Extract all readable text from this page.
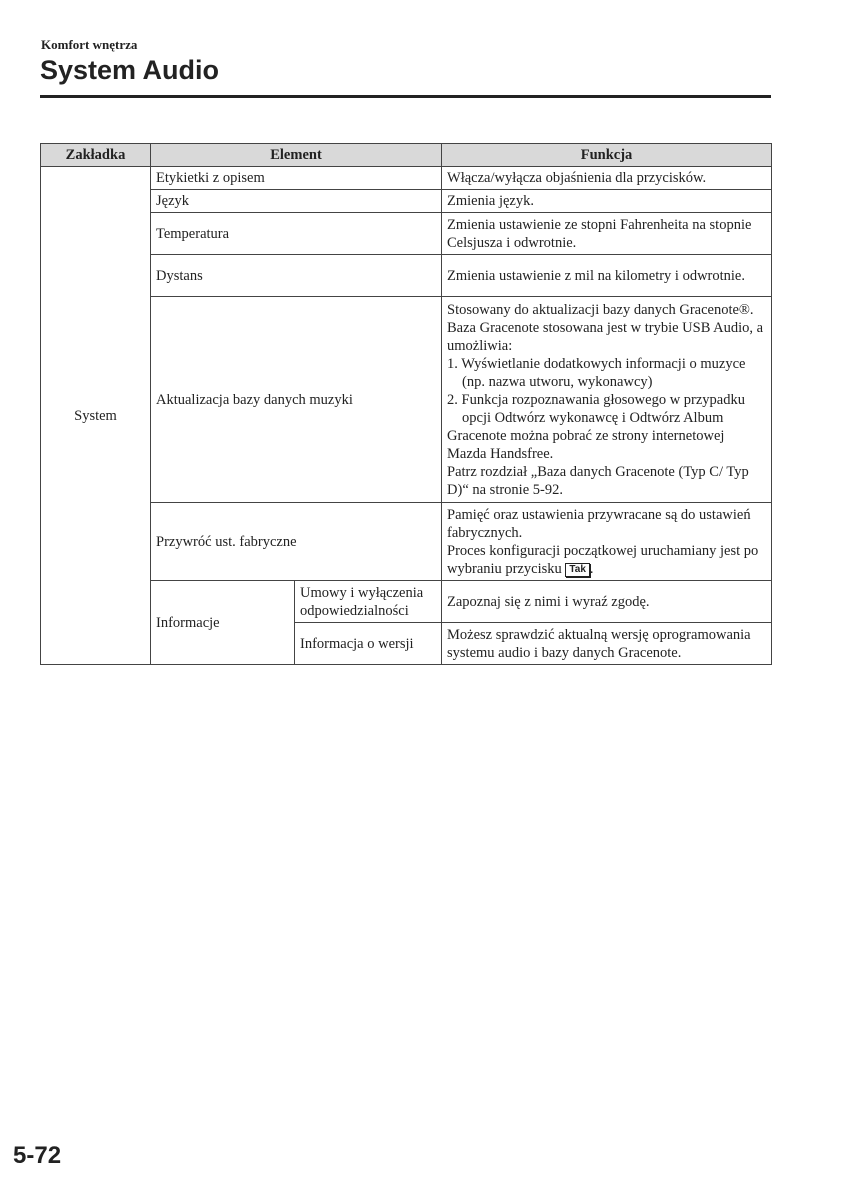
Komfort wnętrza
System Audio
Zakładka	Element		Funkcja
System	Etykietki z opisem		Włącza/wyłącza objaśnienia dla przycisków.
	Język		Zmienia język.
	Temperatura		Zmienia ustawienie ze stopni Fahrenheita na stopnie Celsjusza i odwrotnie.
	Dystans		Zmienia ustawienie z mil na kilometry i odwrotnie.
	Aktualizacja bazy danych muzyki		Stosowany do aktualizacji bazy danych Gracenote®. Baza Gracenote stosowana jest w trybie USB Audio, a umożliwia:
1. Wyświetlanie dodatkowych informacji o muzyce (np. nazwa utworu, wykonawcy)
2. Funkcja rozpoznawania głosowego w przypadku opcji Odtwórz wykonawcę i Odtwórz Album
Gracenote można pobrać ze strony internetowej Mazda Handsfree.
Patrz rozdział „Baza danych Gracenote (Typ C/ Typ D)“ na stronie 5-92.

	Przywróć ust. fabryczne		Pamięć oraz ustawienia przywracane są do ustawień fabrycznych.
Proces konfiguracji początkowej uruchamiany jest po wybraniu przycisku Tak .

	Informacje	Umowy i wyłączenia odpowiedzialności	Zapoznaj się z nimi i wyraź zgodę.
		Informacja o wersji	Możesz sprawdzić aktualną wersję oprogramowania systemu audio i bazy danych Gracenote.
5-72
